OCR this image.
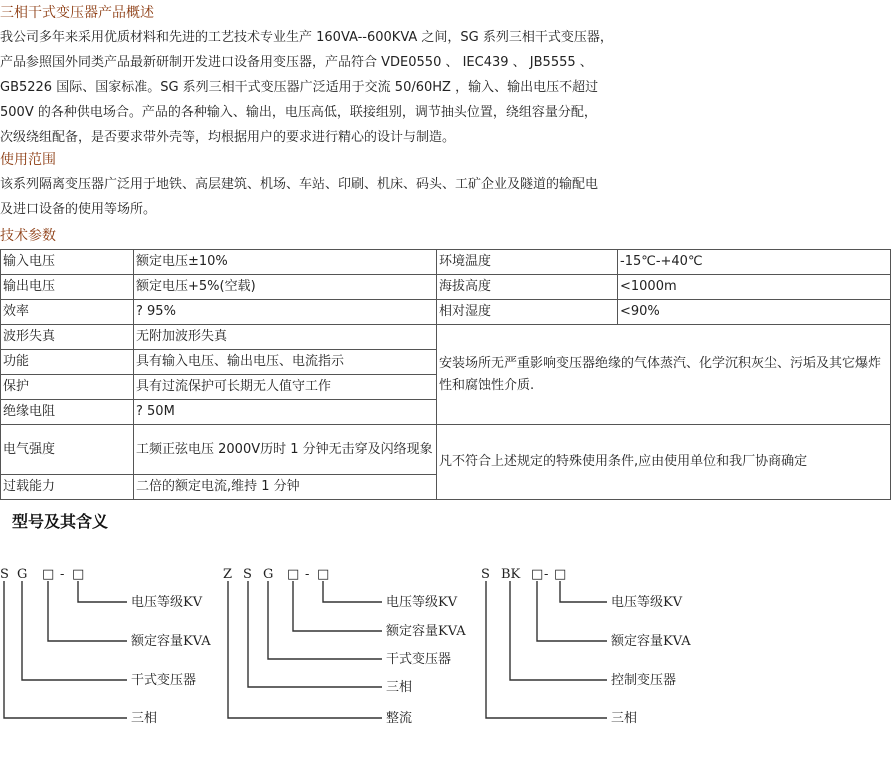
三相干式变压器产品概述

我公司多年来采用优质材料和先进的工艺技术专业生产 160VA--600KVA 之间，SG 系列三相干式变压器，

产品参照国外同类产品最新研制开发进口设备用变压器，产品符合 VDE0550 、 IEC439 、 JB5555 、

GB5226 国际、国家标准。SG 系列三相干式变压器广泛适用于交流 50/60HZ ，输入、输出电压不超过

500V 的各种供电场合。产品的各种输入、输出，电压高低，联接组别，调节抽头位置，绕组容量分配，

次级绕组配备，是否要求带外壳等，均根据用户的要求进行精心的设计与制造。

使用范围

该系列隔离变压器广泛用于地铁、高层建筑、机场、车站、印刷、机床、码头、工矿企业及隧道的输配电

及进口设备的使用等场所。

技术参数
输入电压	额定电压±10%	环境温度	-15℃-+40℃
输出电压	额定电压+5%(空载)	海拔高度	<1000m
效率	? 95%	相对湿度	<90%
波形失真	无附加波形失真	安装场所无严重影响变压器绝缘的气体蒸汽、化学沉积灰尘、污垢及其它爆炸性和腐蚀性介质.	
功能	具有输入电压、输出电压、电流指示		
保护	具有过流保护可长期无人值守工作		
绝缘电阻	? 50M		
电气强度	工频正弦电压 2000V历时 1 分钟无击穿及闪络现象	凡不符合上述规定的特殊使用条件,应由使用单位和我厂协商确定	
过载能力	二倍的额定电流,维持 1 分钟		
型号及其含义
S G □ - □
电压等级KV
额定容量KVA
干式变压器
三相
Z S G □ - □
电压等级KV
额定容量KVA
干式变压器
三相
整流
S BK □ - □
电压等级KV
额定容量KVA
控制变压器
三相
